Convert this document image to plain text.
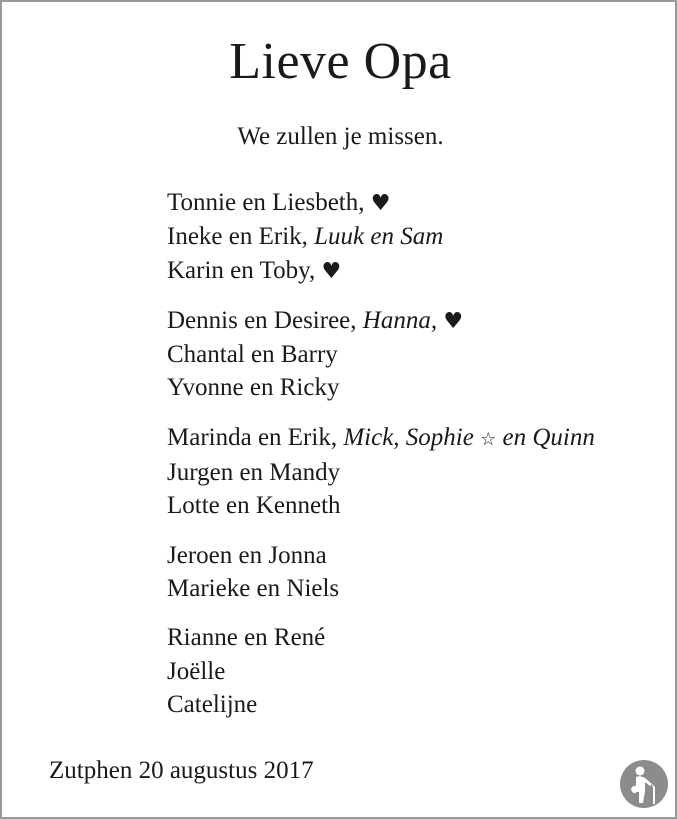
Lieve Opa
We zullen je missen.
Tonnie en Liesbeth, ♥
Ineke en Erik, Luuk en Sam
Karin en Toby, ♥
Dennis en Desiree, Hanna, ♥
Chantal en Barry
Yvonne en Ricky
Marinda en Erik, Mick, Sophie ☆ en Quinn
Jurgen en Mandy
Lotte en Kenneth
Jeroen en Jonna
Marieke en Niels
Rianne en René
Joëlle
Catelijne
Zutphen 20 augustus 2017
